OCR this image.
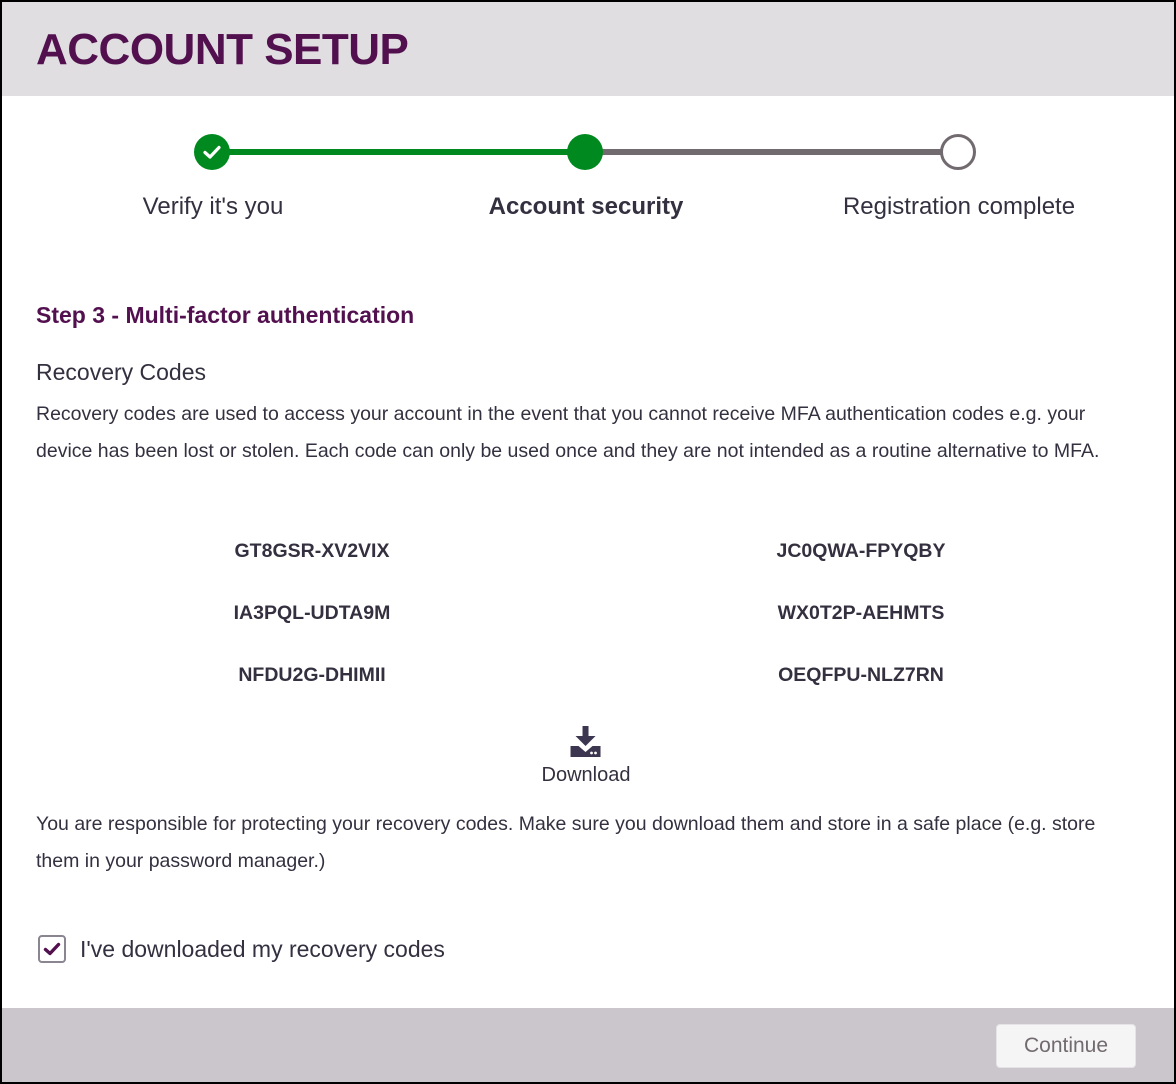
ACCOUNT SETUP
Verify it's you	Account security	Registration complete
Step 3 - Multi-factor authentication
Recovery Codes

Recovery codes are used to access your account in the event that you cannot receive MFA authentication codes e.g. your device has been lost or stolen. Each code can only be used once and they are not intended as a routine alternative to MFA.

GT8GSR-XV2VIX	JC0QWA-FPYQBY
IA3PQL-UDTA9M	WX0T2P-AEHMTS
NFDU2G-DHIMII	OEQFPU-NLZ7RN
Download

You are responsible for protecting your recovery codes. Make sure you download them and store in a safe place (e.g. store them in your password manager.)

I've downloaded my recovery codes
Continue
